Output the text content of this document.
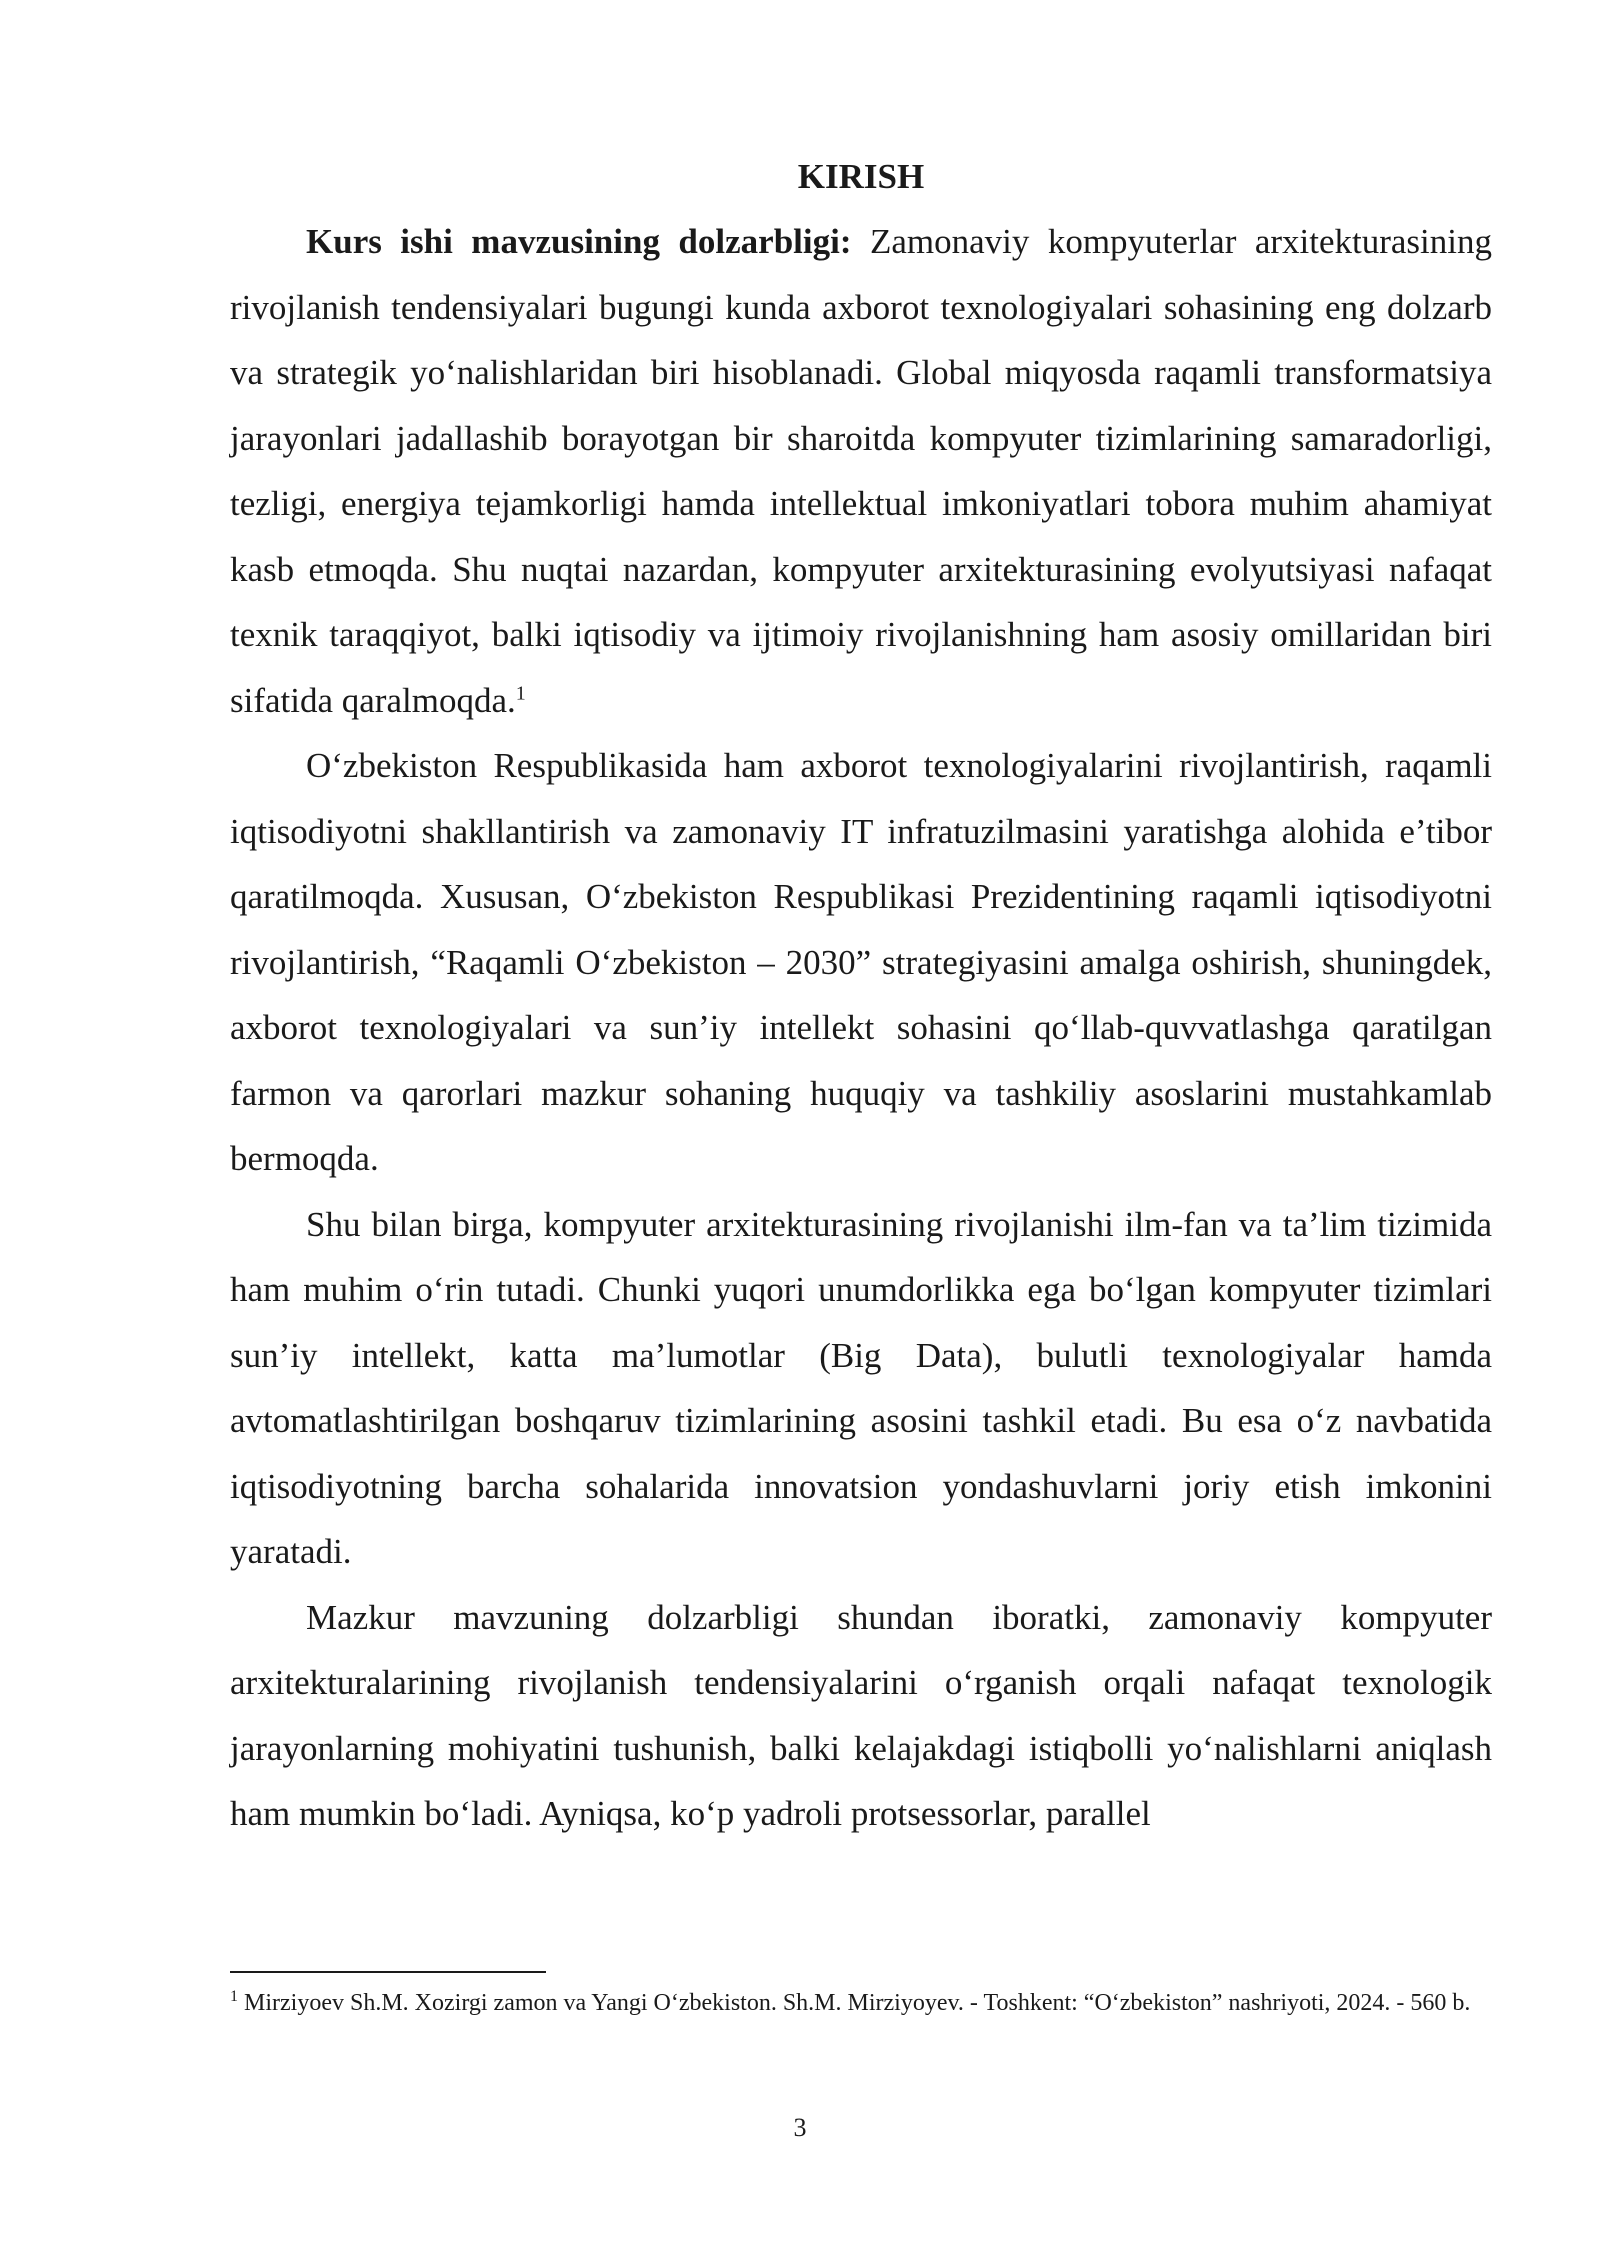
KIRISH

Kurs ishi mavzusining dolzarbligi: Zamonaviy kompyuterlar arxitekturasining rivojlanish tendensiyalari bugungi kunda axborot texnologiyalari sohasining eng dolzarb va strategik yo‘nalishlaridan biri hisoblanadi. Global miqyosda raqamli transformatsiya jarayonlari jadallashib borayotgan bir sharoitda kompyuter tizimlarining samaradorligi, tezligi, energiya tejamkorligi hamda intellektual imkoniyatlari tobora muhim ahamiyat kasb etmoqda. Shu nuqtai nazardan, kompyuter arxitekturasining evolyutsiyasi nafaqat texnik taraqqiyot, balki iqtisodiy va ijtimoiy rivojlanishning ham asosiy omillaridan biri sifatida qaralmoqda.$^1$

O‘zbekiston Respublikasida ham axborot texnologiyalarini rivojlantirish, raqamli iqtisodiyotni shakllantirish va zamonaviy IT infratuzilmasini yaratishga alohida e’tibor qaratilmoqda. Xususan, O‘zbekiston Respublikasi Prezidentining raqamli iqtisodiyotni rivojlantirish, “Raqamli O‘zbekiston – 2030” strategiyasini amalga oshirish, shuningdek, axborot texnologiyalari va sun’iy intellekt sohasini qo‘llab-quvvatlashga qaratilgan farmon va qarorlari mazkur sohaning huquqiy va tashkiliy asoslarini mustahkamlab bermoqda.

Shu bilan birga, kompyuter arxitekturasining rivojlanishi ilm-fan va ta’lim tizimida ham muhim o‘rin tutadi. Chunki yuqori unumdorlikka ega bo‘lgan kompyuter tizimlari sun’iy intellekt, katta ma’lumotlar (Big Data), bulutli texnologiyalar hamda avtomatlashtirilgan boshqaruv tizimlarining asosini tashkil etadi. Bu esa o‘z navbatida iqtisodiyotning barcha sohalarida innovatsion yondashuvlarni joriy etish imkonini yaratadi.

Mazkur mavzuning dolzarbligi shundan iboratki, zamonaviy kompyuter arxitekturalarining rivojlanish tendensiyalarini o‘rganish orqali nafaqat texnologik jarayonlarning mohiyatini tushunish, balki kelajakdagi istiqbolli yo‘nalishlarni aniqlash ham mumkin bo‘ladi. Ayniqsa, ko‘p yadroli protsessorlar, parallel

$^1$ Mirziyoev Sh.M. Xozirgi zamon va Yangi O‘zbekiston. Sh.M. Mirziyoyev. - Toshkent: “O‘zbekiston” nashriyoti, 2024. - 560 b.

3
